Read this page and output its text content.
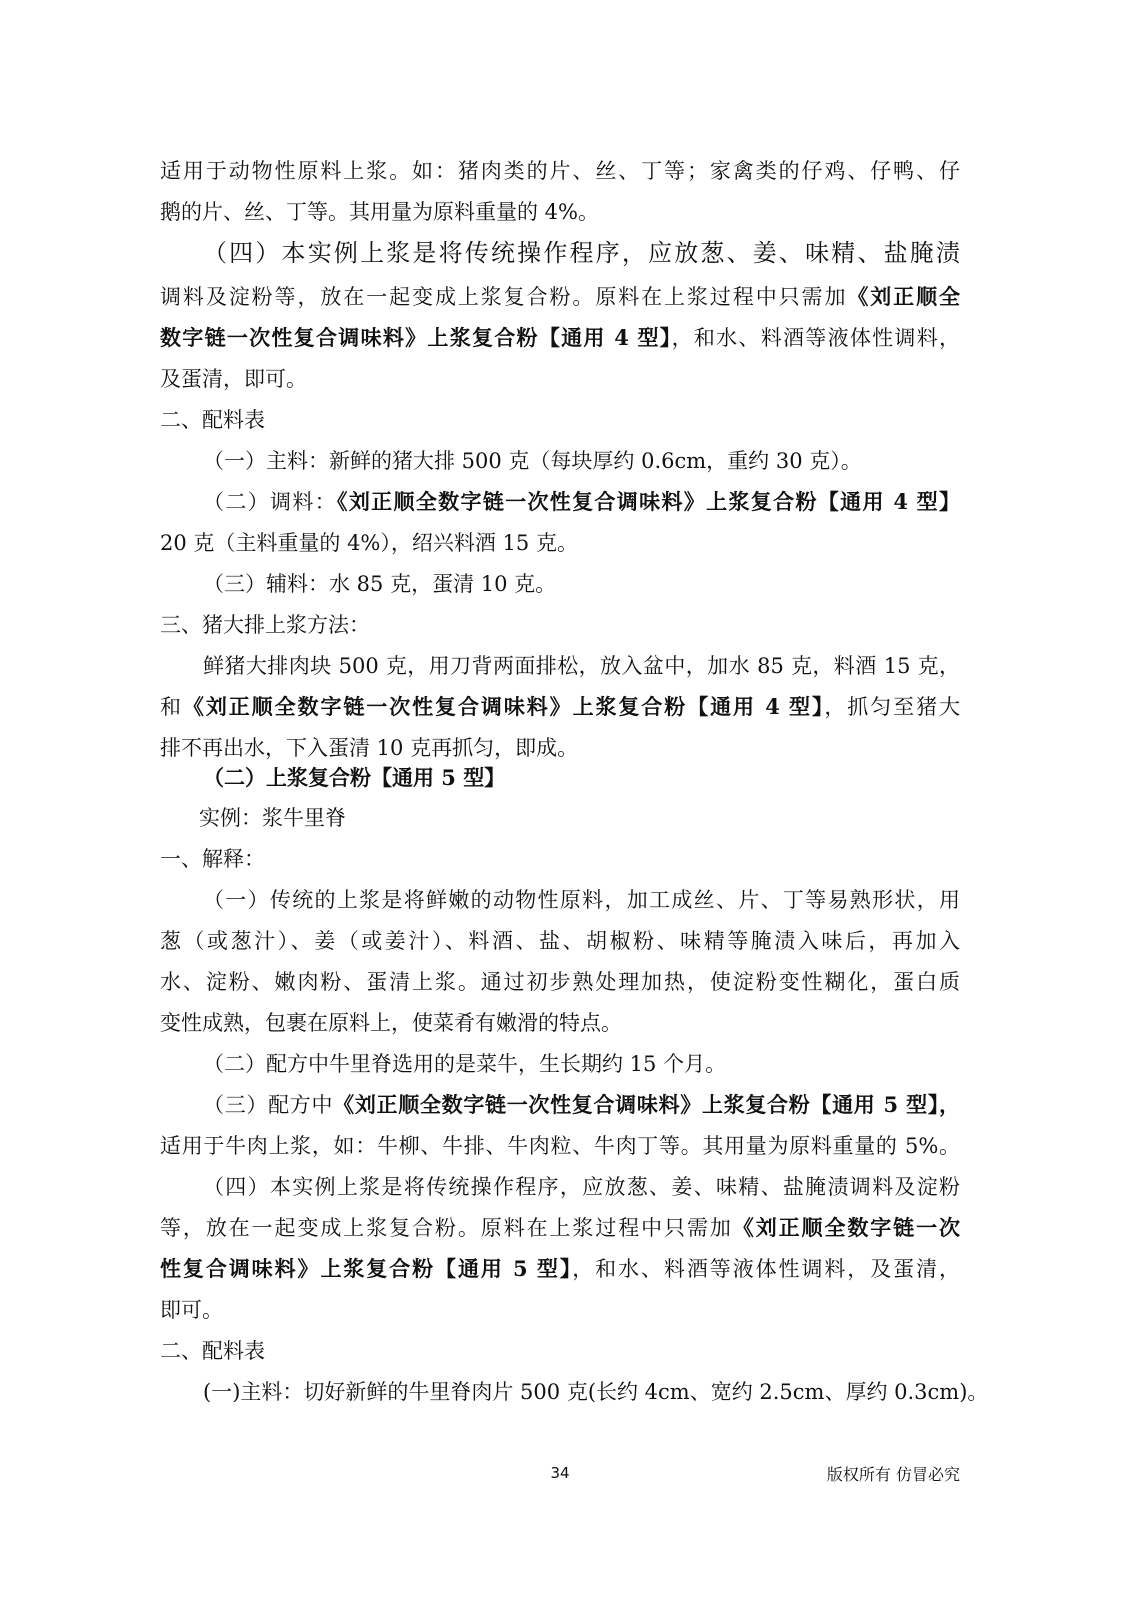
适用于动物性原料上浆。如：猪肉类的片、丝、丁等；家禽类的仔鸡、仔鸭、仔

鹅的片、丝、丁等。其用量为原料重量的 4%。

（四）本实例上浆是将传统操作程序，应放葱、姜、味精、盐腌渍

调料及淀粉等，放在一起变成上浆复合粉。原料在上浆过程中只需加《刘正顺全

数字链一次性复合调味料》上浆复合粉【通用 4 型】，和水、料酒等液体性调料，

及蛋清，即可。

二、配料表

（一）主料：新鲜的猪大排 500 克（每块厚约 0.6cm，重约 30 克）。

（二）调料：《刘正顺全数字链一次性复合调味料》上浆复合粉【通用 4 型】

20 克（主料重量的 4%），绍兴料酒 15 克。

（三）辅料：水 85 克，蛋清 10 克。

三、猪大排上浆方法：

鲜猪大排肉块 500 克，用刀背两面排松，放入盆中，加水 85 克，料酒 15 克，

和《刘正顺全数字链一次性复合调味料》上浆复合粉【通用 4 型】，抓匀至猪大

排不再出水，下入蛋清 10 克再抓匀，即成。

（二）上浆复合粉【通用 5 型】

实例：浆牛里脊

一、解释：

（一）传统的上浆是将鲜嫩的动物性原料，加工成丝、片、丁等易熟形状，用

葱（或葱汁）、姜（或姜汁）、料酒、盐、胡椒粉、味精等腌渍入味后，再加入

水、淀粉、嫩肉粉、蛋清上浆。通过初步熟处理加热，使淀粉变性糊化，蛋白质

变性成熟，包裹在原料上，使菜肴有嫩滑的特点。

（二）配方中牛里脊选用的是菜牛，生长期约 15 个月。

（三）配方中《刘正顺全数字链一次性复合调味料》上浆复合粉【通用 5 型】，

适用于牛肉上浆，如：牛柳、牛排、牛肉粒、牛肉丁等。其用量为原料重量的 5%。

（四）本实例上浆是将传统操作程序，应放葱、姜、味精、盐腌渍调料及淀粉

等，放在一起变成上浆复合粉。原料在上浆过程中只需加《刘正顺全数字链一次

性复合调味料》上浆复合粉【通用 5 型】，和水、料酒等液体性调料，及蛋清，

即可。

二、配料表

(一)主料：切好新鲜的牛里脊肉片 500 克(长约 4cm、宽约 2.5cm、厚约 0.3cm)。

34	版权所有 仿冒必究
